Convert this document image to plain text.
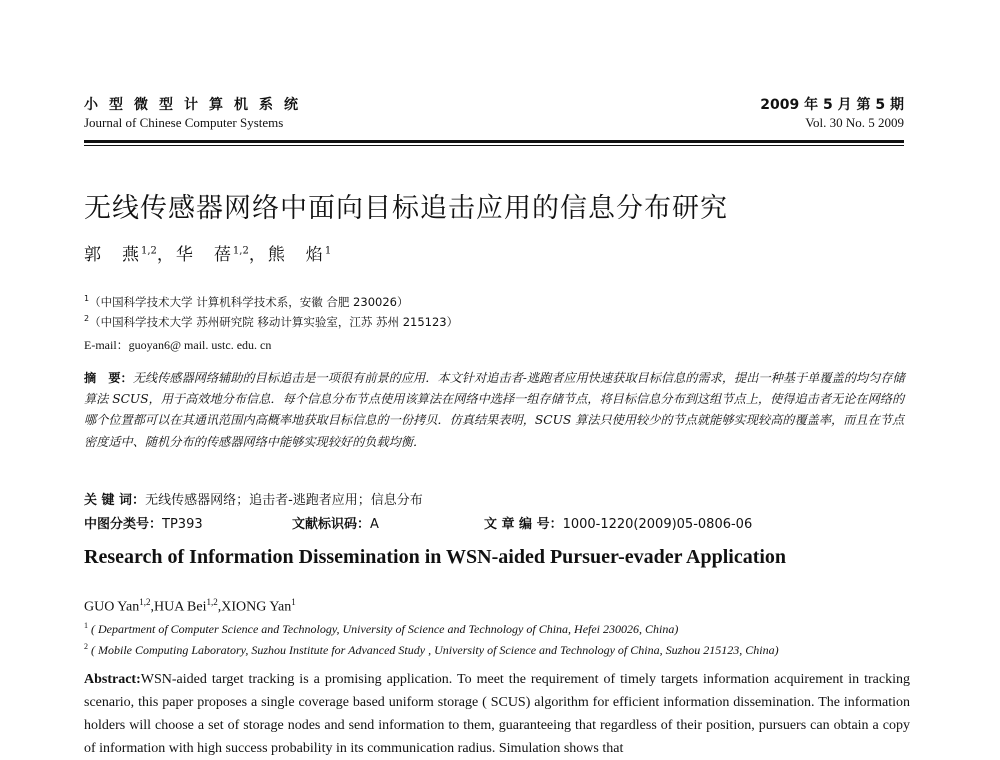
小型微型计算机系统
Journal of Chinese Computer Systems
2009 年 5 月 第 5 期
Vol. 30 No. 5 2009
无线传感器网络中面向目标追击应用的信息分布研究
郭　燕$^{1,2}$，华　蓓$^{1,2}$，熊　焰$^1$
$^1$（中国科学技术大学 计算机科学技术系，安徽 合肥 230026）
$^2$（中国科学技术大学 苏州研究院 移动计算实验室，江苏 苏州 215123）
E-mail：guoyan6@ mail. ustc. edu. cn
摘　要：无线传感器网络辅助的目标追击是一项很有前景的应用．本文针对追击者-逃跑者应用快速获取目标信息的需求，提出一种基于单覆盖的均匀存储算法 SCUS，用于高效地分布信息．每个信息分布节点使用该算法在网络中选择一组存储节点，将目标信息分布到这组节点上，使得追击者无论在网络的哪个位置都可以在其通讯范围内高概率地获取目标信息的一份拷贝．仿真结果表明，SCUS 算法只使用较少的节点就能够实现较高的覆盖率，而且在节点密度适中、随机分布的传感器网络中能够实现较好的负载均衡．
关 键 词：无线传感器网络；追击者-逃跑者应用；信息分布
中图分类号：TP393	文献标识码：A	文 章 编 号：1000-1220(2009)05-0806-06
Research of Information Dissemination in WSN-aided Pursuer-evader Application
GUO Yan$^{1,2}$,HUA Bei$^{1,2}$,XIONG Yan$^1$
$^1$ ( Department of Computer Science and Technology, University of Science and Technology of China, Hefei 230026, China)
$^2$ ( Mobile Computing Laboratory, Suzhou Institute for Advanced Study , University of Science and Technology of China, Suzhou 215123, China)
Abstract:WSN-aided target tracking is a promising application. To meet the requirement of timely targets information acquirement in tracking scenario, this paper proposes a single coverage based uniform storage ( SCUS) algorithm for efficient information dissemination. The information holders will choose a set of storage nodes and send information to them, guaranteeing that regardless of their position, pursuers can obtain a copy of information with high success probability in its communication radius. Simulation shows that
